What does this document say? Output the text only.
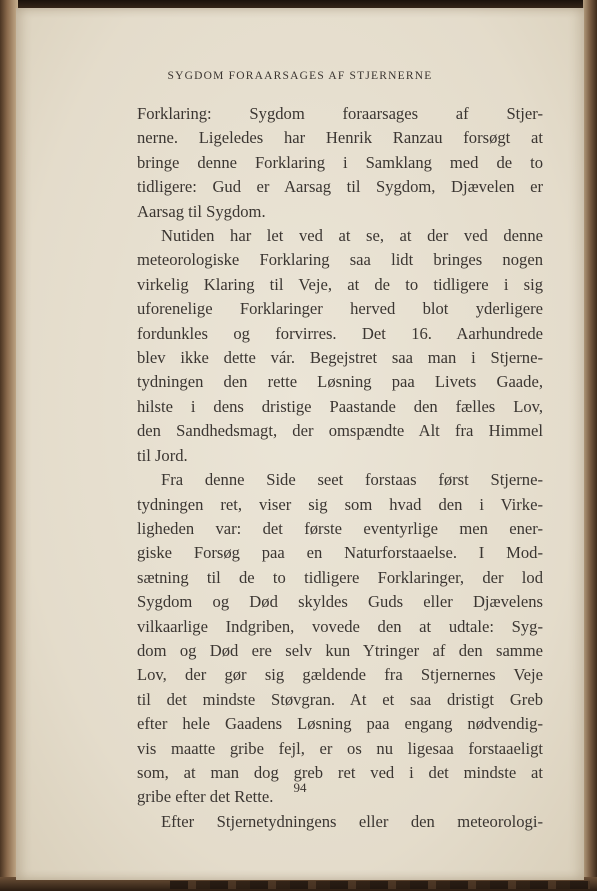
SYGDOM FORAARSAGES AF STJERNERNE
Forklaring: Sygdom foraarsages af Stjer-
nerne. Ligeledes har Henrik Ranzau forsøgt at
bringe denne Forklaring i Samklang med de to
tidligere: Gud er Aarsag til Sygdom, Djævelen er
Aarsag til Sygdom.
Nutiden har let ved at se, at der ved denne
meteorologiske Forklaring saa lidt bringes nogen
virkelig Klaring til Veje, at de to tidligere i sig
uforenelige Forklaringer herved blot yderligere
fordunkles og forvirres. Det 16. Aarhundrede
blev ikke dette vár. Begejstret saa man i Stjerne-
tydningen den rette Løsning paa Livets Gaade,
hilste i dens dristige Paastande den fælles Lov,
den Sandhedsmagt, der omspændte Alt fra Himmel
til Jord.
Fra denne Side seet forstaas først Stjerne-
tydningen ret, viser sig som hvad den i Virke-
ligheden var: det første eventyrlige men ener-
giske Forsøg paa en Naturforstaaelse. I Mod-
sætning til de to tidligere Forklaringer, der lod
Sygdom og Død skyldes Guds eller Djævelens
vilkaarlige Indgriben, vovede den at udtale: Syg-
dom og Død ere selv kun Ytringer af den samme
Lov, der gør sig gældende fra Stjernernes Veje
til det mindste Støvgran. At et saa dristigt Greb
efter hele Gaadens Løsning paa engang nødvendig-
vis maatte gribe fejl, er os nu ligesaa forstaaeligt
som, at man dog greb ret ved i det mindste at
gribe efter det Rette.
Efter Stjernetydningens eller den meteorologi-
94
